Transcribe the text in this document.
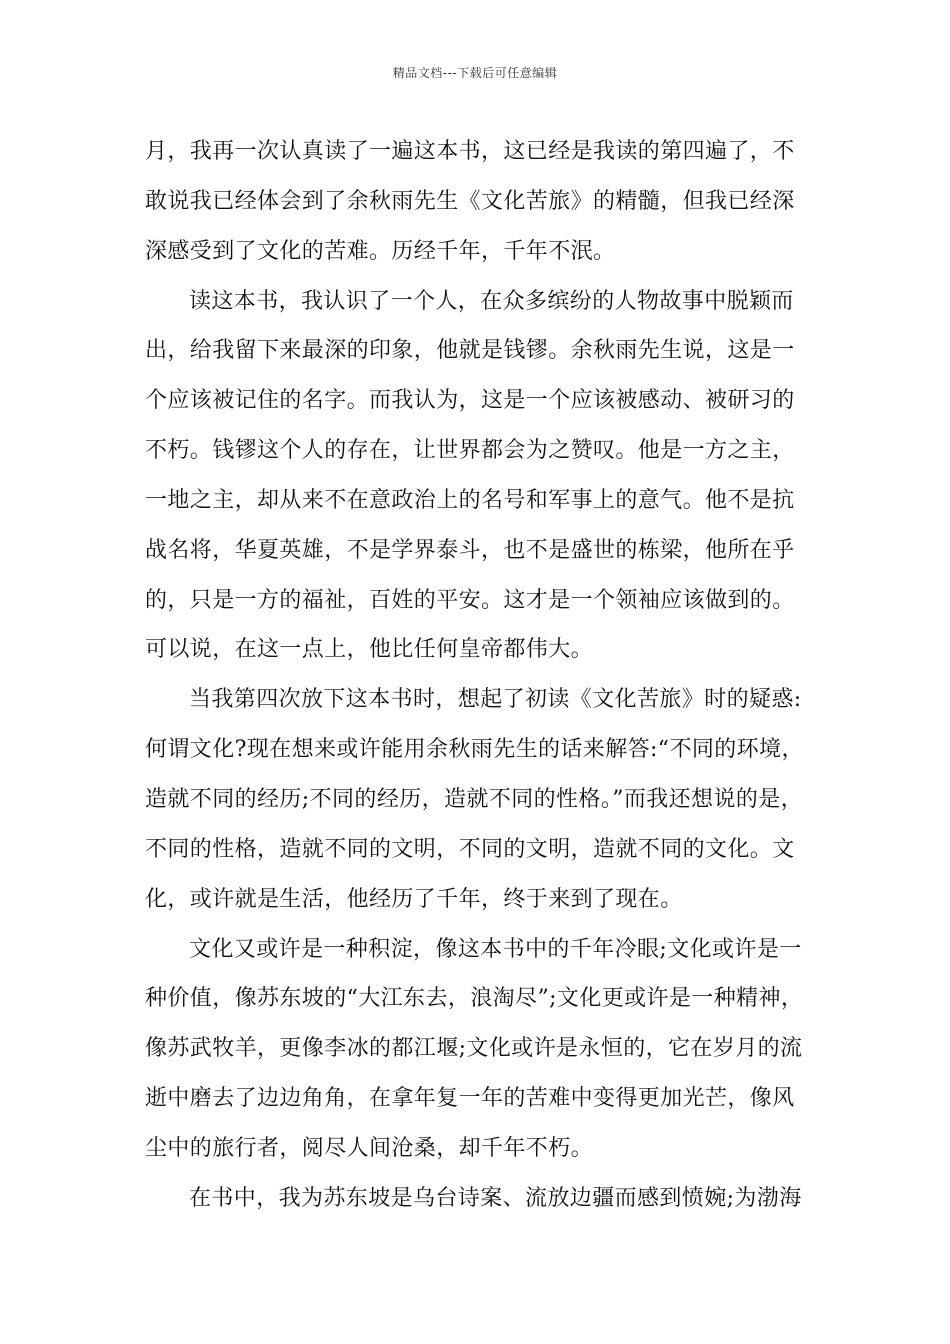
精品文档---下载后可任意编辑
月，我再一次认真读了一遍这本书，这已经是我读的第四遍了，不
敢说我已经体会到了余秋雨先生《文化苦旅》的精髓，但我已经深
深感受到了文化的苦难。历经千年，千年不泯。
读这本书，我认识了一个人，在众多缤纷的人物故事中脱颖而
出，给我留下来最深的印象，他就是钱镠。余秋雨先生说，这是一
个应该被记住的名字。而我认为，这是一个应该被感动、被研习的
不朽。钱镠这个人的存在，让世界都会为之赞叹。他是一方之主，
一地之主，却从来不在意政治上的名号和军事上的意气。他不是抗
战名将，华夏英雄，不是学界泰斗，也不是盛世的栋梁，他所在乎
的，只是一方的福祉，百姓的平安。这才是一个领袖应该做到的。
可以说，在这一点上，他比任何皇帝都伟大。
当我第四次放下这本书时，想起了初读《文化苦旅》时的疑惑:
何谓文化?现在想来或许能用余秋雨先生的话来解答:“不同的环境，
造就不同的经历;不同的经历，造就不同的性格。”而我还想说的是，
不同的性格，造就不同的文明，不同的文明，造就不同的文化。文
化，或许就是生活，他经历了千年，终于来到了现在。
文化又或许是一种积淀，像这本书中的千年冷眼;文化或许是一
种价值，像苏东坡的“大江东去，浪淘尽”;文化更或许是一种精神，
像苏武牧羊，更像李冰的都江堰;文化或许是永恒的，它在岁月的流
逝中磨去了边边角角，在拿年复一年的苦难中变得更加光芒，像风
尘中的旅行者，阅尽人间沧桑，却千年不朽。
在书中，我为苏东坡是乌台诗案、流放边疆而感到愤婉;为渤海
